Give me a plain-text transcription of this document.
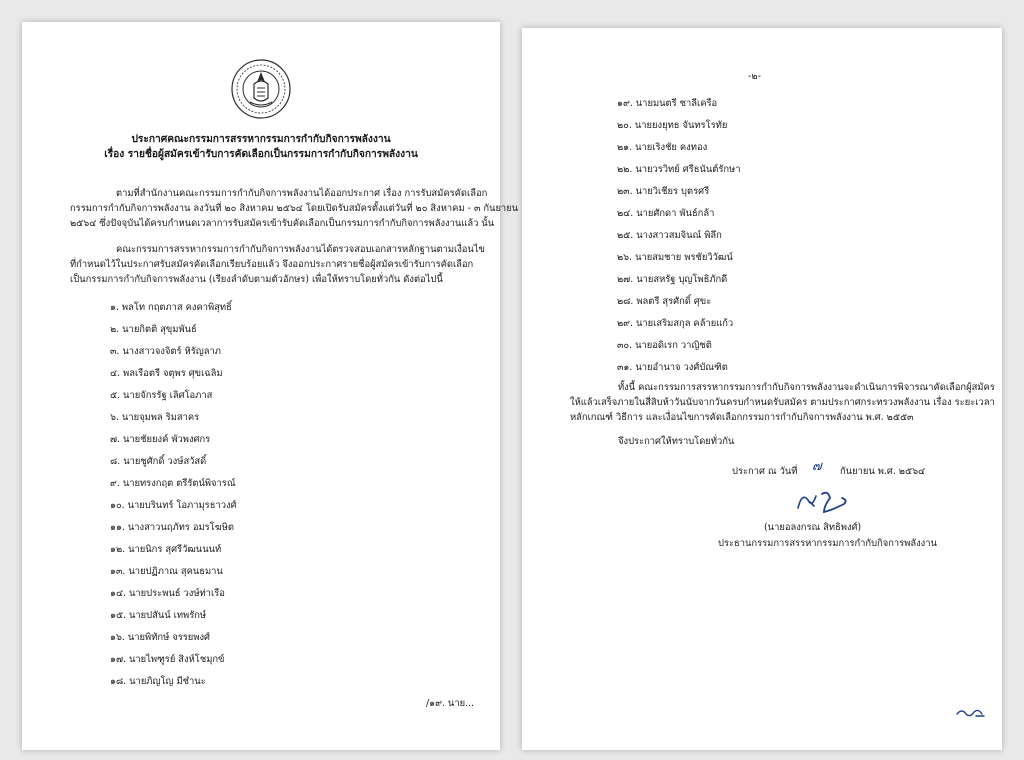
ประกาศคณะกรรมการสรรหากรรมการกำกับกิจการพลังงาน
เรื่อง รายชื่อผู้สมัครเข้ารับการคัดเลือกเป็นกรรมการกำกับกิจการพลังงาน
ตามที่สำนักงานคณะกรรมการกำกับกิจการพลังงานได้ออกประกาศ เรื่อง การรับสมัครคัดเลือก
กรรมการกำกับกิจการพลังงาน ลงวันที่ ๒๐ สิงหาคม ๒๕๖๔ โดยเปิดรับสมัครตั้งแต่วันที่ ๒๐ สิงหาคม - ๓ กันยายน
๒๕๖๔ ซึ่งปัจจุบันได้ครบกำหนดเวลาการรับสมัครเข้ารับคัดเลือกเป็นกรรมการกำกับกิจการพลังงานแล้ว นั้น
คณะกรรมการสรรหากรรมการกำกับกิจการพลังงานได้ตรวจสอบเอกสารหลักฐานตามเงื่อนไข
ที่กำหนดไว้ในประกาศรับสมัครคัดเลือกเรียบร้อยแล้ว จึงออกประกาศรายชื่อผู้สมัครเข้ารับการคัดเลือก
เป็นกรรมการกำกับกิจการพลังงาน (เรียงลำดับตามตัวอักษร) เพื่อให้ทราบโดยทั่วกัน ดังต่อไปนี้
๑. พลโท กฤตภาส คงคาพิสุทธิ์
๒. นายกิตติ สุขุมพันธ์
๓. นางสาวจงจิตร์ หิรัญลาภ
๔. พลเรือตรี จตุพร ศุขเฉลิม
๕. นายจักรรัฐ เลิศโอภาส
๖. นายจุมพล ริมสาคร
๗. นายชัยยงค์ พัวพงศกร
๘. นายชูศักดิ์ วงษ์สวัสดิ์
๙. นายทรงกฤต ตรีรัตน์พิจารณ์
๑๐. นายบรินทร์ โอภามุรธาวงศ์
๑๑. นางสาวนฤภัทร อมรโฆษิต
๑๒. นายนิกร สุศรีวัฒนนนท์
๑๓. นายปฏิภาณ สุคนธมาน
๑๔. นายประพนธ์ วงษ์ท่าเรือ
๑๕. นายปสันน์ เทพรักษ์
๑๖. นายพิทักษ์ จรรยพงศ์
๑๗. นายไพฑูรย์ สิงห์โชมุกข์
๑๘. นายภิญโญ มีชำนะ
/๑๙. นาย...
-๒-
๑๙. นายมนตรี ชาลีเครือ
๒๐. นายยงยุทธ จันทรโรทัย
๒๑. นายเริงชัย คงทอง
๒๒. นายวรวิทย์ ศรีธนันต์รักษา
๒๓. นายวิเชียร บุตรศรี
๒๔. นายศักดา พันธ์กล้า
๒๕. นางสาวสมจินณ์ พิลึก
๒๖. นายสมชาย พรชัยวิวัฒน์
๒๗. นายสหรัฐ บุญโพธิภักดี
๒๘. พลตรี สุรศักดิ์ ศุขะ
๒๙. นายเสริมสกุล คล้ายแก้ว
๓๐. นายอดิเรก วาญิชติ
๓๑. นายอำนาจ วงศ์บัณฑิต
ทั้งนี้ คณะกรรมการสรรหากรรมการกำกับกิจการพลังงานจะดำเนินการพิจารณาคัดเลือกผู้สมัคร
ให้แล้วเสร็จภายในสี่สิบห้าวันนับจากวันครบกำหนดรับสมัคร ตามประกาศกระทรวงพลังงาน เรื่อง ระยะเวลา
หลักเกณฑ์ วิธีการ และเงื่อนไขการคัดเลือกกรรมการกำกับกิจการพลังงาน พ.ศ. ๒๕๕๓
จึงประกาศให้ทราบโดยทั่วกัน
ประกาศ ณ วันที่ ๗ กันยายน พ.ศ. ๒๕๖๔
(นายอลงกรณ สิทธิพงศ์)
ประธานกรรมการสรรหากรรมการกำกับกิจการพลังงาน
